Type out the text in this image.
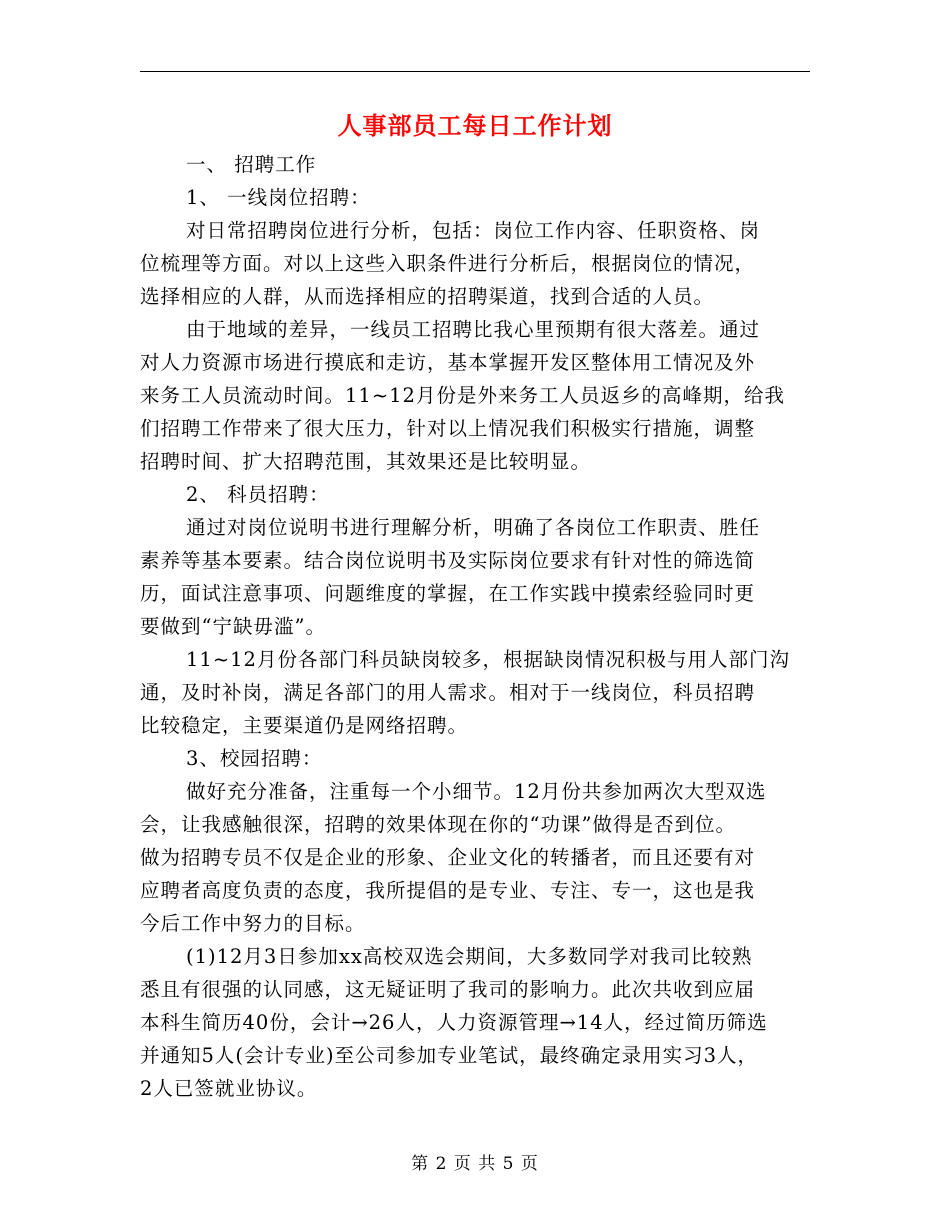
人事部员工每日工作计划
一、 招聘工作
1、 一线岗位招聘：
对日常招聘岗位进行分析，包括：岗位工作内容、任职资格、岗
位梳理等方面。对以上这些入职条件进行分析后，根据岗位的情况，
选择相应的人群，从而选择相应的招聘渠道，找到合适的人员。
由于地域的差异，一线员工招聘比我心里预期有很大落差。通过
对人力资源市场进行摸底和走访，基本掌握开发区整体用工情况及外
来务工人员流动时间。11~12月份是外来务工人员返乡的高峰期，给我
们招聘工作带来了很大压力，针对以上情况我们积极实行措施，调整
招聘时间、扩大招聘范围，其效果还是比较明显。
2、 科员招聘：
通过对岗位说明书进行理解分析，明确了各岗位工作职责、胜任
素养等基本要素。结合岗位说明书及实际岗位要求有针对性的筛选简
历，面试注意事项、问题维度的掌握，在工作实践中摸索经验同时更
要做到“宁缺毋滥”。
11~12月份各部门科员缺岗较多，根据缺岗情况积极与用人部门沟
通，及时补岗，满足各部门的用人需求。相对于一线岗位，科员招聘
比较稳定，主要渠道仍是网络招聘。
3、校园招聘：
做好充分准备，注重每一个小细节。12月份共参加两次大型双选
会，让我感触很深，招聘的效果体现在你的“功课”做得是否到位。
做为招聘专员不仅是企业的形象、企业文化的转播者，而且还要有对
应聘者高度负责的态度，我所提倡的是专业、专注、专一，这也是我
今后工作中努力的目标。
(1)12月3日参加xx高校双选会期间，大多数同学对我司比较熟
悉且有很强的认同感，这无疑证明了我司的影响力。此次共收到应届
本科生简历40份，会计→26人，人力资源管理→14人，经过简历筛选
并通知5人(会计专业)至公司参加专业笔试，最终确定录用实习3人，
2人已签就业协议。
第 2 页 共 5 页
